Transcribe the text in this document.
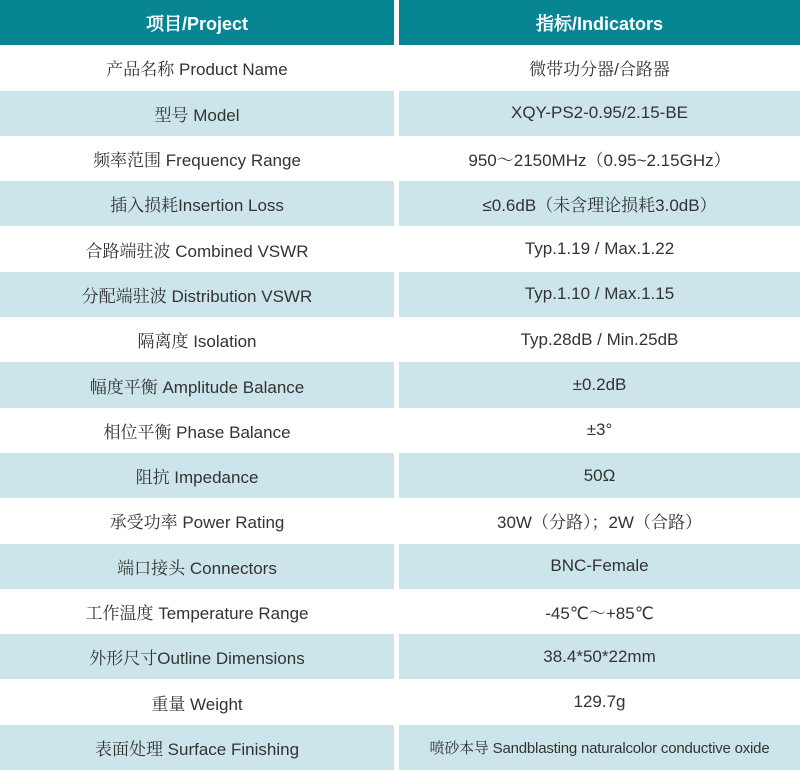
项目/Project	指标/Indicators
产品名称 Product Name	微带功分器/合路器
型号 Model	XQY-PS2-0.95/2.15-BE
频率范围 Frequency Range	950～2150MHz（0.95~2.15GHz）
插入损耗Insertion Loss	≤0.6dB（未含理论损耗3.0dB）
合路端驻波 Combined VSWR	Typ.1.19 / Max.1.22
分配端驻波 Distribution VSWR	Typ.1.10 / Max.1.15
隔离度 Isolation	Typ.28dB / Min.25dB
幅度平衡 Amplitude Balance	±0.2dB
相位平衡 Phase Balance	±3°
阻抗 Impedance	50Ω
承受功率 Power Rating	30W（分路）；2W（合路）
端口接头 Connectors	BNC-Female
工作温度 Temperature Range	-45℃～+85℃
外形尺寸Outline Dimensions	38.4*50*22mm
重量 Weight	129.7g
表面处理 Surface Finishing	喷砂本导 Sandblasting naturalcolor conductive oxide
